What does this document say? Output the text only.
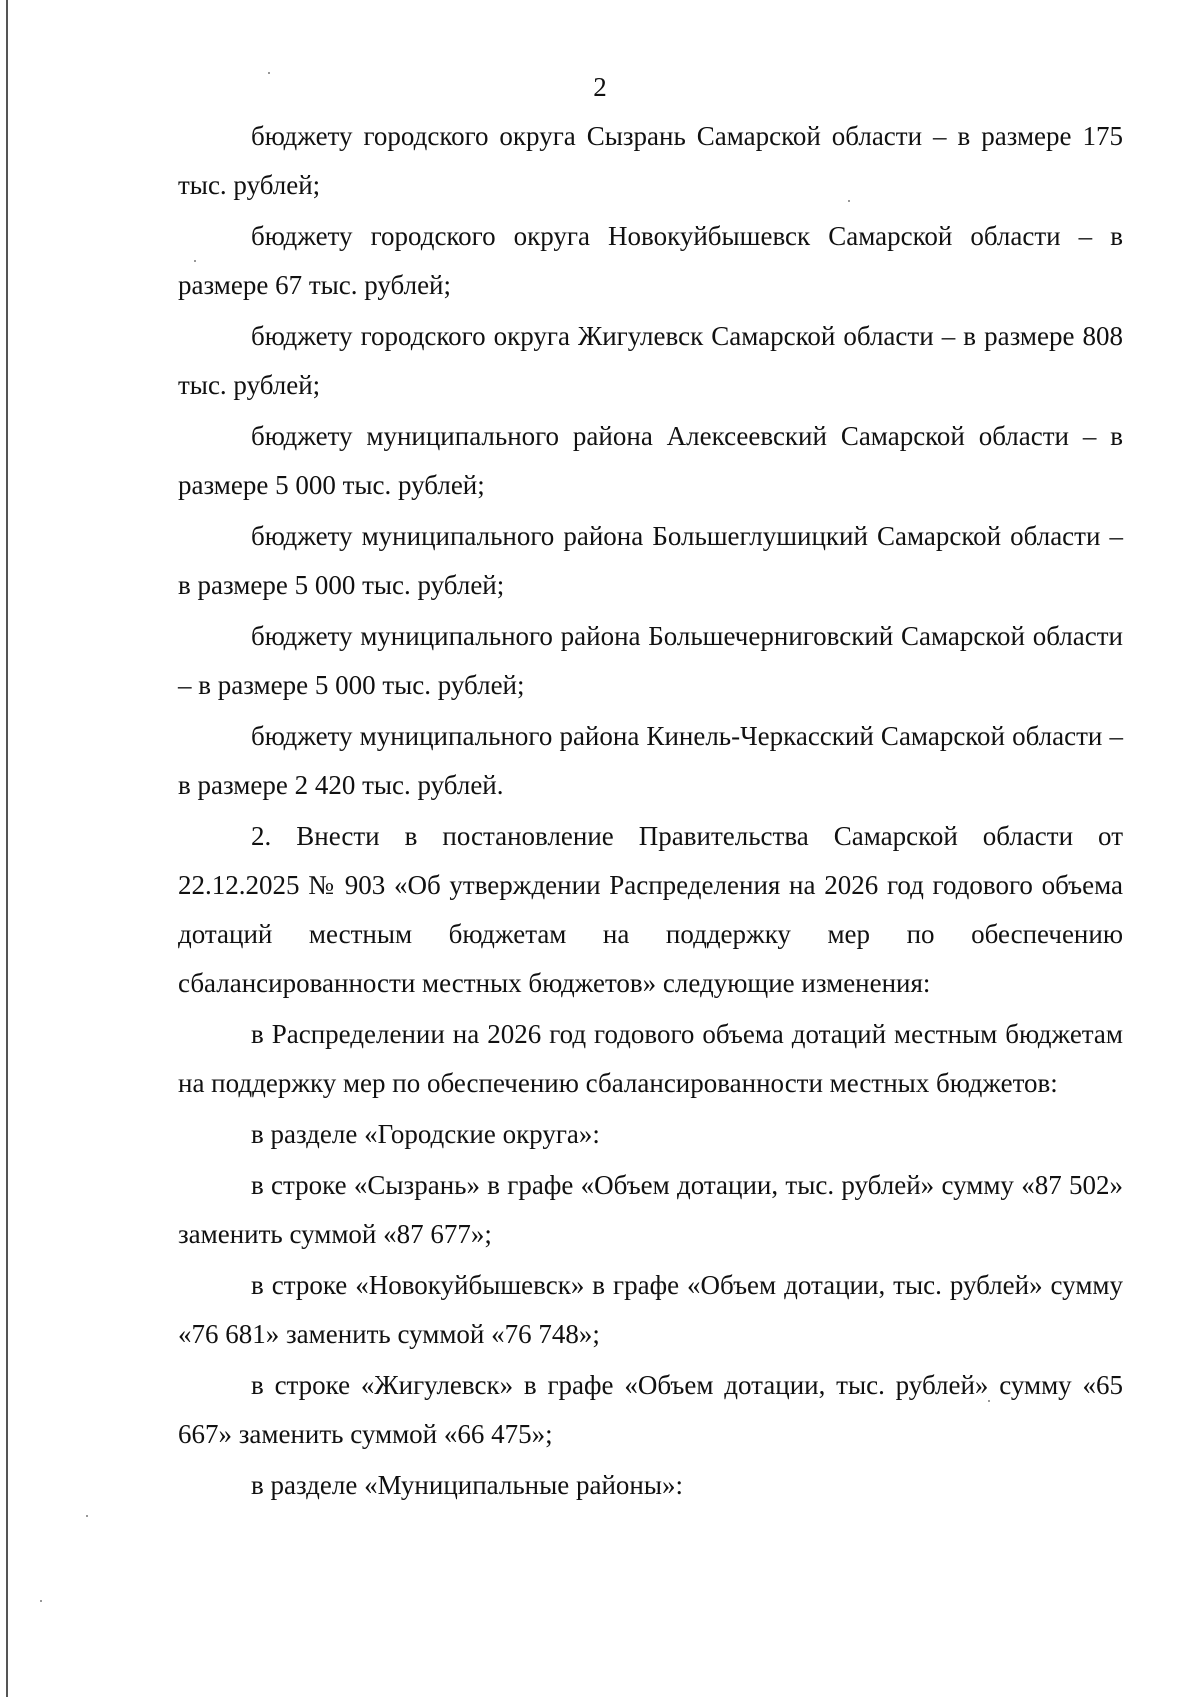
2

бюджету городского округа Сызрань Самарской области – в размере 175 тыс. рублей;

бюджету городского округа Новокуйбышевск Самарской области – в размере 67 тыс. рублей;

бюджету городского округа Жигулевск Самарской области – в размере 808 тыс. рублей;

бюджету муниципального района Алексеевский Самарской области – в размере 5 000 тыс. рублей;

бюджету муниципального района Большеглушицкий Самарской области – в размере 5 000 тыс. рублей;

бюджету муниципального района Большечерниговский Самарской области – в размере 5 000 тыс. рублей;

бюджету муниципального района Кинель-Черкасский Самарской области – в размере 2 420 тыс. рублей.

2. Внести в постановление Правительства Самарской области от 22.12.2025 № 903 «Об утверждении Распределения на 2026 год годового объема дотаций местным бюджетам на поддержку мер по обеспечению сбалансированности местных бюджетов» следующие изменения:

в Распределении на 2026 год годового объема дотаций местным бюджетам на поддержку мер по обеспечению сбалансированности местных бюджетов:

в разделе «Городские округа»:

в строке «Сызрань» в графе «Объем дотации, тыс. рублей» сумму «87 502» заменить суммой «87 677»;

в строке «Новокуйбышевск» в графе «Объем дотации, тыс. рублей» сумму «76 681» заменить суммой «76 748»;

в строке «Жигулевск» в графе «Объем дотации, тыс. рублей» сумму «65 667» заменить суммой «66 475»;

в разделе «Муниципальные районы»:
